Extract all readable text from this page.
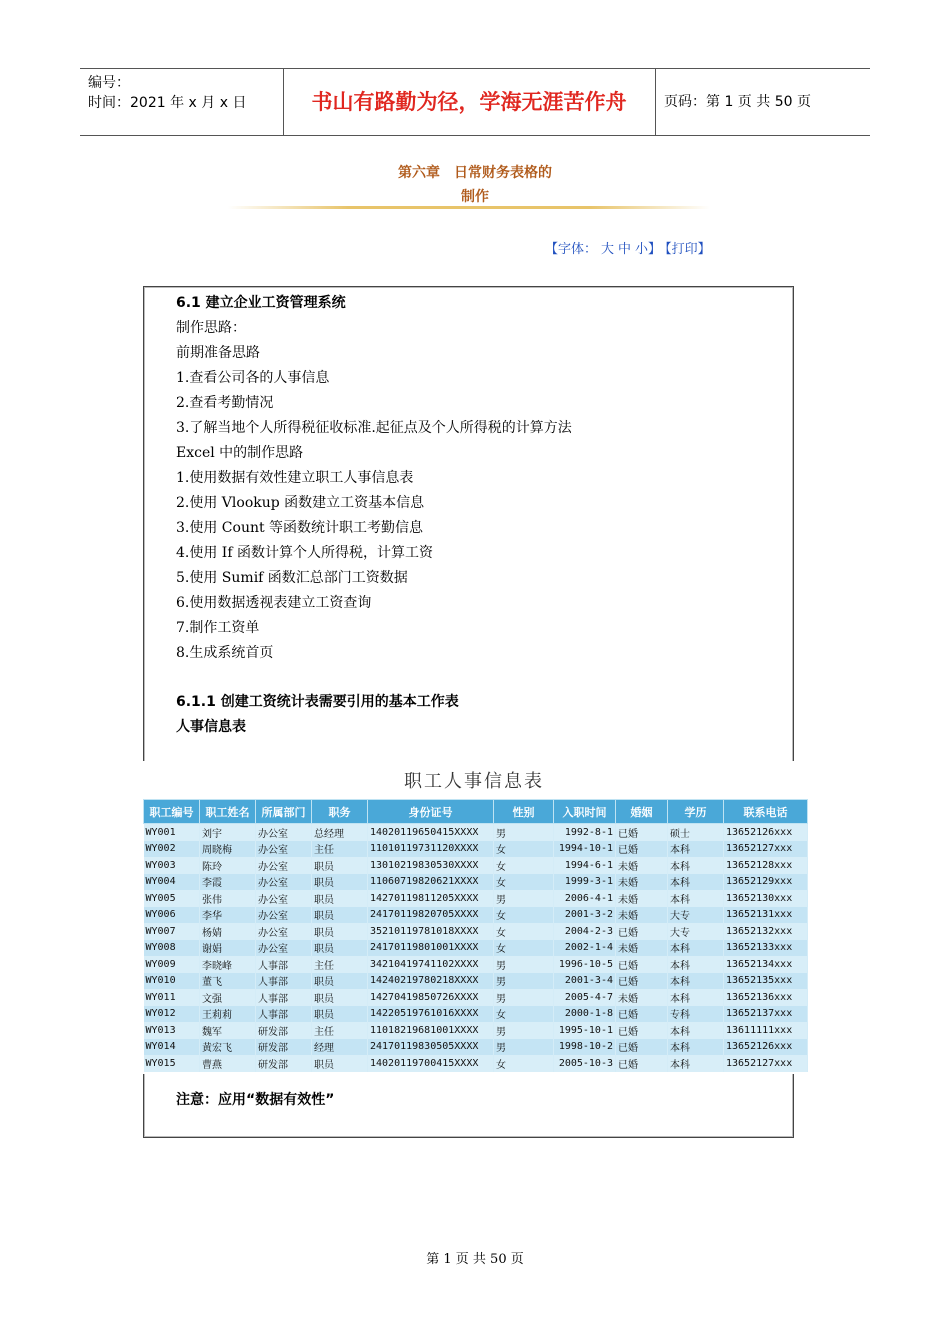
编号：
时间：2021 年 x 月 x 日	书山有路勤为径，学海无涯苦作舟	页码：第 1 页 共 50 页
第六章　日常财务表格的
制作
【字体： 大 中 小】 【打印】
6.1 建立企业工资管理系统
制作思路：
前期准备思路
1.查看公司各的人事信息
2.查看考勤情况
3.了解当地个人所得税征收标准.起征点及个人所得税的计算方法
Excel 中的制作思路
1.使用数据有效性建立职工人事信息表
2.使用 Vlookup 函数建立工资基本信息
3.使用 Count 等函数统计职工考勤信息
4.使用 If 函数计算个人所得税，计算工资
5.使用 Sumif 函数汇总部门工资数据
6.使用数据透视表建立工资查询
7.制作工资单
8.生成系统首页
6.1.1 创建工资统计表需要引用的基本工作表
人事信息表
职工人事信息表
职工编号	职工姓名	所属部门	职务	身份证号	性别	入职时间	婚姻	学历	联系电话
WY001	刘宇	办公室	总经理	14020119650415XXXX	男	1992-8-1	已婚	硕士	13652126xxx
WY002	周晓梅	办公室	主任	11010119731120XXXX	女	1994-10-1	已婚	本科	13652127xxx
WY003	陈玲	办公室	职员	13010219830530XXXX	女	1994-6-1	未婚	本科	13652128xxx
WY004	李霞	办公室	职员	11060719820621XXXX	女	1999-3-1	未婚	本科	13652129xxx
WY005	张伟	办公室	职员	14270119811205XXXX	男	2006-4-1	未婚	本科	13652130xxx
WY006	李华	办公室	职员	24170119820705XXXX	女	2001-3-2	未婚	大专	13652131xxx
WY007	杨婧	办公室	职员	35210119781018XXXX	女	2004-2-3	已婚	大专	13652132xxx
WY008	谢娟	办公室	职员	24170119801001XXXX	女	2002-1-4	未婚	本科	13652133xxx
WY009	李晓峰	人事部	主任	34210419741102XXXX	男	1996-10-5	已婚	本科	13652134xxx
WY010	董飞	人事部	职员	14240219780218XXXX	男	2001-3-4	已婚	本科	13652135xxx
WY011	文强	人事部	职员	14270419850726XXXX	男	2005-4-7	未婚	本科	13652136xxx
WY012	王莉莉	人事部	职员	14220519761016XXXX	女	2000-1-8	已婚	专科	13652137xxx
WY013	魏军	研发部	主任	11018219681001XXXX	男	1995-10-1	已婚	本科	13611111xxx
WY014	黄宏飞	研发部	经理	24170119830505XXXX	男	1998-10-2	已婚	本科	13652126xxx
WY015	曹燕	研发部	职员	14020119700415XXXX	女	2005-10-3	已婚	本科	13652127xxx
注意：应用“数据有效性”
第 1 页 共 50 页
